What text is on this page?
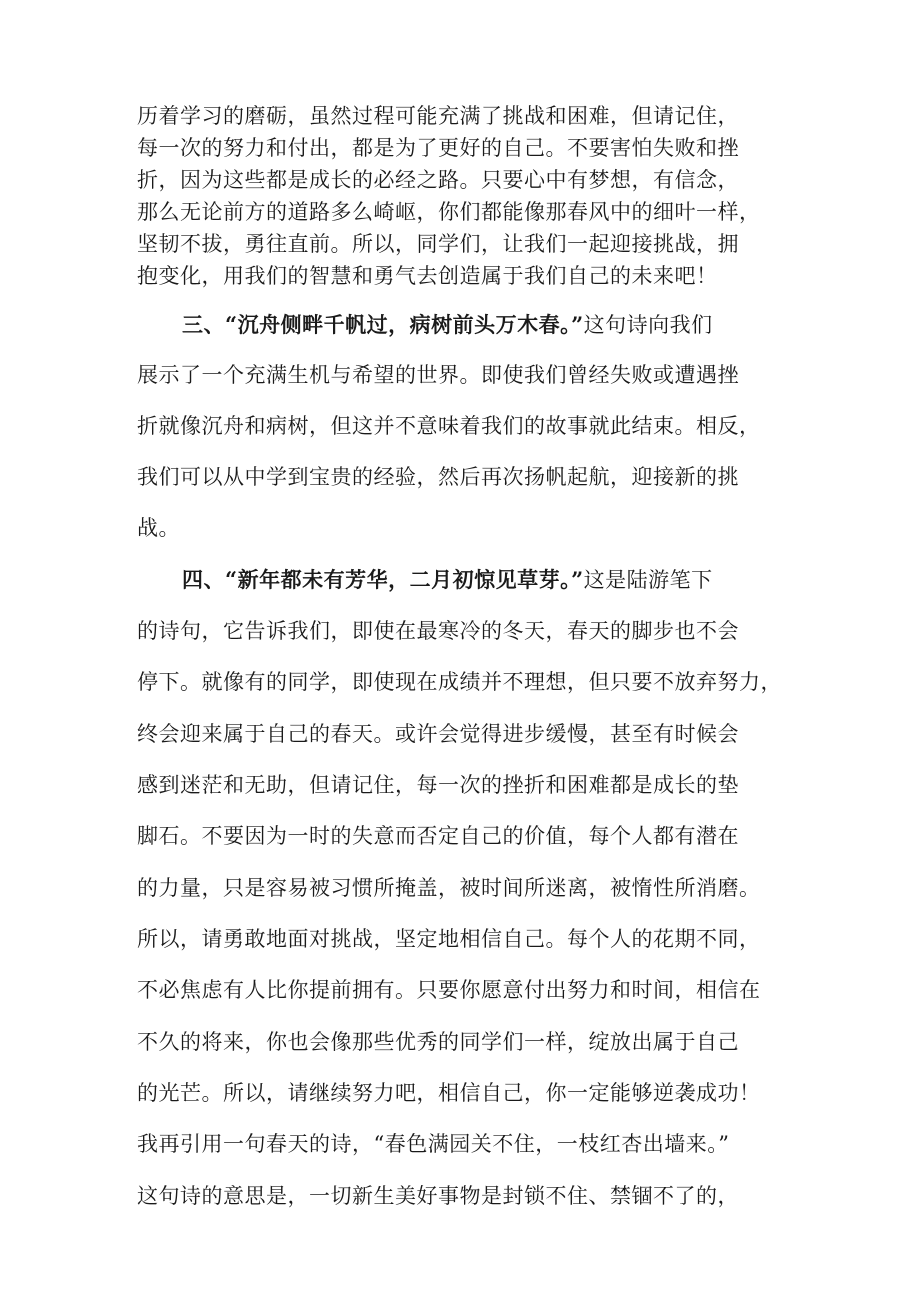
历着学习的磨砺，虽然过程可能充满了挑战和困难，但请记住，
每一次的努力和付出，都是为了更好的自己。不要害怕失败和挫
折，因为这些都是成长的必经之路。只要心中有梦想，有信念，
那么无论前方的道路多么崎岖，你们都能像那春风中的细叶一样，
坚韧不拔，勇往直前。所以，同学们，让我们一起迎接挑战，拥
抱变化，用我们的智慧和勇气去创造属于我们自己的未来吧！
三、“沉舟侧畔千帆过，病树前头万木春。”这句诗向我们
展示了一个充满生机与希望的世界。即使我们曾经失败或遭遇挫
折就像沉舟和病树，但这并不意味着我们的故事就此结束。相反，
我们可以从中学到宝贵的经验，然后再次扬帆起航，迎接新的挑
战。
四、“新年都未有芳华，二月初惊见草芽。”这是陆游笔下
的诗句，它告诉我们，即使在最寒冷的冬天，春天的脚步也不会
停下。就像有的同学，即使现在成绩并不理想，但只要不放弃努力，
终会迎来属于自己的春天。或许会觉得进步缓慢，甚至有时候会
感到迷茫和无助，但请记住，每一次的挫折和困难都是成长的垫
脚石。不要因为一时的失意而否定自己的价值，每个人都有潜在
的力量，只是容易被习惯所掩盖，被时间所迷离，被惰性所消磨。
所以，请勇敢地面对挑战，坚定地相信自己。每个人的花期不同，
不必焦虑有人比你提前拥有。只要你愿意付出努力和时间，相信在
不久的将来，你也会像那些优秀的同学们一样，绽放出属于自己
的光芒。所以，请继续努力吧，相信自己，你一定能够逆袭成功！
我再引用一句春天的诗，“春色满园关不住，一枝红杏出墙来。”
这句诗的意思是，一切新生美好事物是封锁不住、禁锢不了的，
